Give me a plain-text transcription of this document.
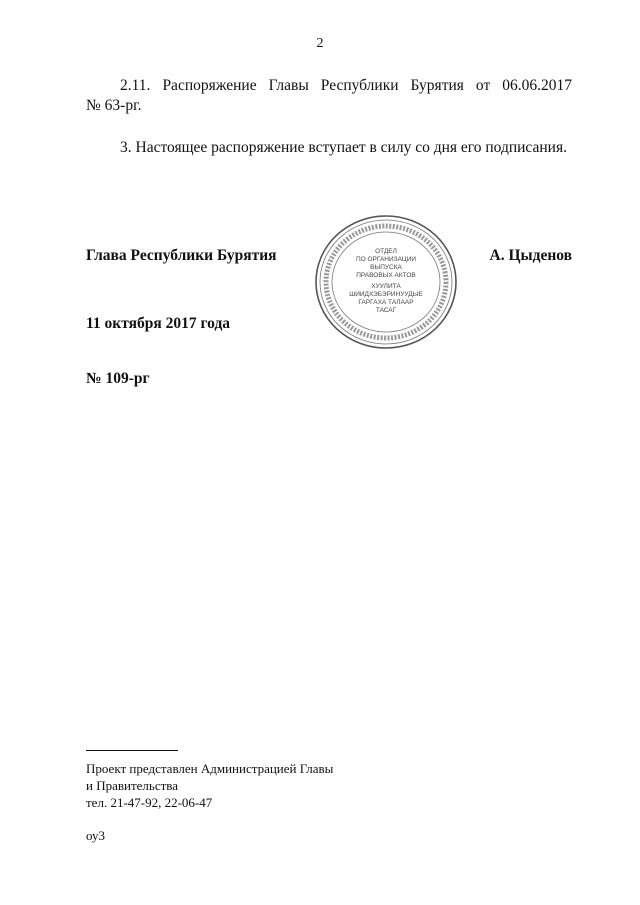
2
2.11. Распоряжение Главы Республики Бурятия от 06.06.2017
№ 63-рг.
3. Настоящее распоряжение вступает в силу со дня его подписания.
Глава Республики Бурятия	А. Цыденов
ОТДЕЛ
ПО ОРГАНИЗАЦИИ
ВЫПУСКА
ПРАВОВЫХ АКТОВ
ХУУЛИТА
ШИИДХЭБЭРИНУУДЫЕ
ГАРГАХА ТАЛААР
ТАСАГ
11 октября 2017 года
№ 109-рг
Проект представлен Администрацией Главы
и Правительства
тел. 21-47-92, 22-06-47
оу3
